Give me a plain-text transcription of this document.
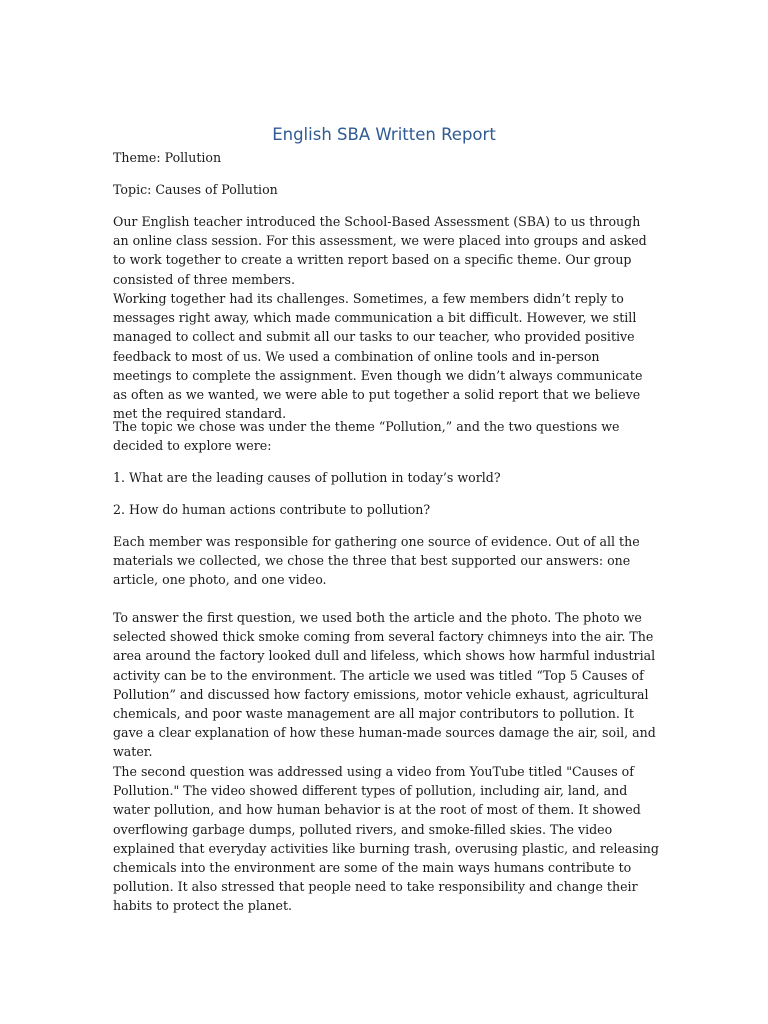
English SBA Written Report

Theme: Pollution

Topic: Causes of Pollution

Our English teacher introduced the School-Based Assessment (SBA) to us through an online class session. For this assessment, we were placed into groups and asked to work together to create a written report based on a specific theme. Our group consisted of three members.

Working together had its challenges. Sometimes, a few members didn’t reply to messages right away, which made communication a bit difficult. However, we still managed to collect and submit all our tasks to our teacher, who provided positive feedback to most of us. We used a combination of online tools and in-person meetings to complete the assignment. Even though we didn’t always communicate as often as we wanted, we were able to put together a solid report that we believe met the required standard.

The topic we chose was under the theme “Pollution,” and the two questions we decided to explore were:

1. What are the leading causes of pollution in today’s world?

2. How do human actions contribute to pollution?

Each member was responsible for gathering one source of evidence. Out of all the materials we collected, we chose the three that best supported our answers: one article, one photo, and one video.

To answer the first question, we used both the article and the photo. The photo we selected showed thick smoke coming from several factory chimneys into the air. The area around the factory looked dull and lifeless, which shows how harmful industrial activity can be to the environment. The article we used was titled “Top 5 Causes of Pollution” and discussed how factory emissions, motor vehicle exhaust, agricultural chemicals, and poor waste management are all major contributors to pollution. It gave a clear explanation of how these human-made sources damage the air, soil, and water.

The second question was addressed using a video from YouTube titled "Causes of Pollution." The video showed different types of pollution, including air, land, and water pollution, and how human behavior is at the root of most of them. It showed overflowing garbage dumps, polluted rivers, and smoke-filled skies. The video explained that everyday activities like burning trash, overusing plastic, and releasing chemicals into the environment are some of the main ways humans contribute to pollution. It also stressed that people need to take responsibility and change their habits to protect the planet.
